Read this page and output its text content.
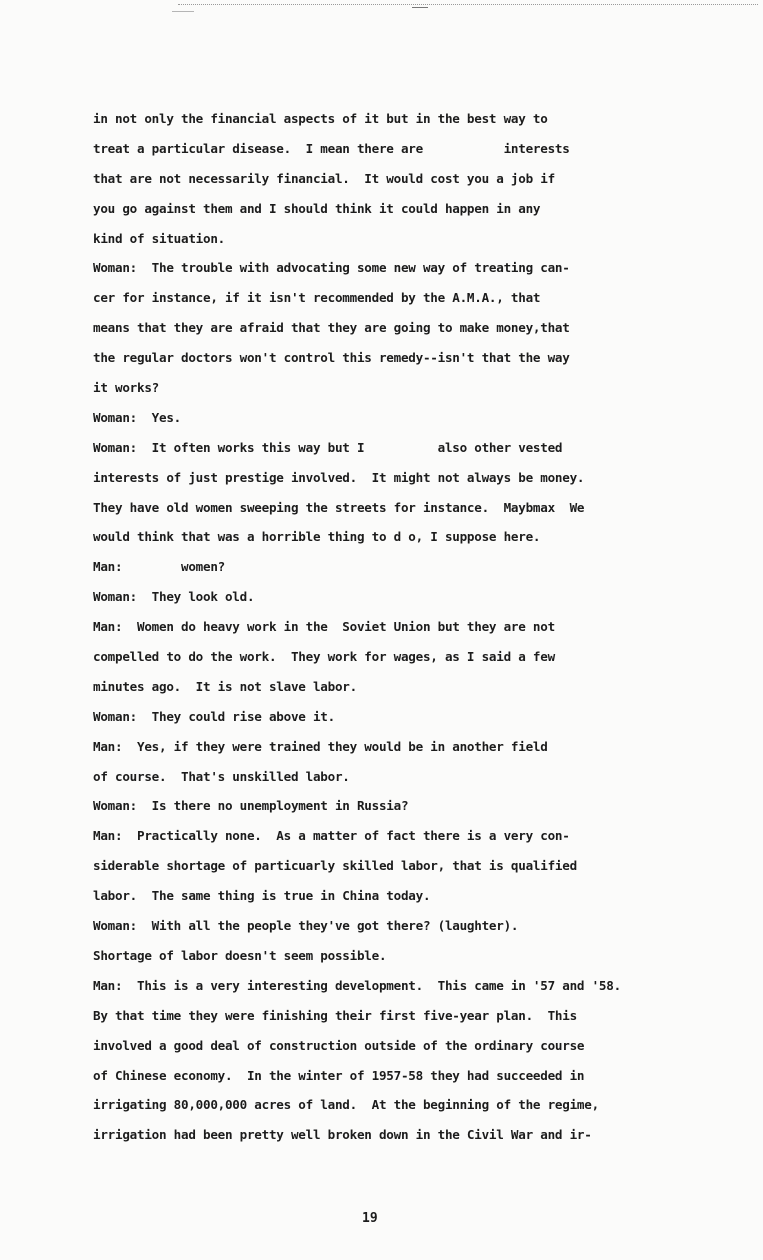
in not only the financial aspects of it but in the best way to
treat a particular disease.  I mean there are           interests
that are not necessarily financial.  It would cost you a job if
you go against them and I should think it could happen in any
kind of situation.
Woman:  The trouble with advocating some new way of treating can-
cer for instance, if it isn't recommended by the A.M.A., that
means that they are afraid that they are going to make money,that
the regular doctors won't control this remedy--isn't that the way
it works?
Woman:  Yes.
Woman:  It often works this way but I          also other vested
interests of just prestige involved.  It might not always be money.
They have old women sweeping the streets for instance.  Maybmax  We
would think that was a horrible thing to d o, I suppose here.
Man:        women?
Woman:  They look old.
Man:  Women do heavy work in the  Soviet Union but they are not
compelled to do the work.  They work for wages, as I said a few
minutes ago.  It is not slave labor.
Woman:  They could rise above it.
Man:  Yes, if they were trained they would be in another field
of course.  That's unskilled labor.
Woman:  Is there no unemployment in Russia?
Man:  Practically none.  As a matter of fact there is a very con-
siderable shortage of particuarly skilled labor, that is qualified
labor.  The same thing is true in China today.
Woman:  With all the people they've got there? (laughter).
Shortage of labor doesn't seem possible.
Man:  This is a very interesting development.  This came in '57 and '58.
By that time they were finishing their first five-year plan.  This
involved a good deal of construction outside of the ordinary course
of Chinese economy.  In the winter of 1957-58 they had succeeded in
irrigating 80,000,000 acres of land.  At the beginning of the regime,
irrigation had been pretty well broken down in the Civil War and ir-
19
